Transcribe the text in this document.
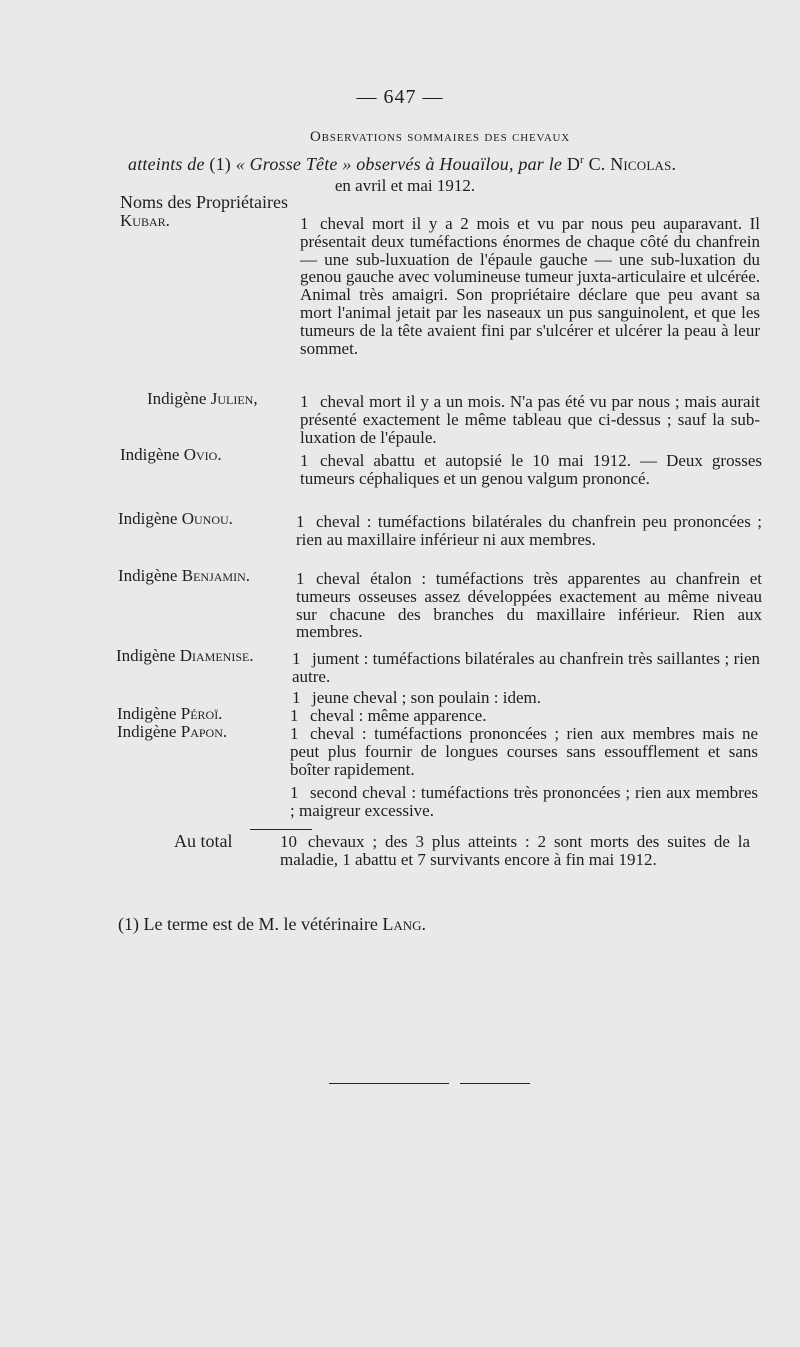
— 647 —
Observations sommaires des chevaux
atteints de (1) « Grosse Tête » observés à Houaïlou, par le $D^r$ C. Nicolas.
en avril et mai 1912.
Noms des Propriétaires
Kubar.
Indigène Julien,
Indigène Ovio.
Indigène Ounou.
Indigène Benjamin.
Indigène Diamenise.
Indigène Péroï.
Indigène Papon.
1 cheval mort il y a 2 mois et vu par nous peu auparavant. Il présentait deux tuméfactions énormes de chaque côté du chanfrein — une sub-luxuation de l'épaule gauche — une sub-luxation du genou gauche avec volumineuse tumeur juxta-articulaire et ulcérée. Animal très amaigri. Son propriétaire déclare que peu avant sa mort l'animal jetait par les naseaux un pus sanguinolent, et que les tumeurs de la tête avaient fini par s'ulcérer et ulcérer la peau à leur sommet.
1 cheval mort il y a un mois. N'a pas été vu par nous ; mais aurait présenté exactement le même tableau que ci-dessus ; sauf la sub-luxation de l'épaule.
1 cheval abattu et autopsié le 10 mai 1912. — Deux grosses tumeurs céphaliques et un genou valgum prononcé.
1 cheval : tuméfactions bilatérales du chanfrein peu prononcées ; rien au maxillaire inférieur ni aux membres.
1 cheval étalon : tuméfactions très apparentes au chanfrein et tumeurs osseuses assez développées exactement au même niveau sur chacune des branches du maxillaire inférieur. Rien aux membres.
1 jument : tuméfactions bilatérales au chanfrein très saillantes ; rien autre.
1 jeune cheval ; son poulain : idem.
1 cheval : même apparence.
1 cheval : tuméfactions prononcées ; rien aux membres mais ne peut plus fournir de longues courses sans essoufflement et sans boîter rapidement.
1 second cheval : tuméfactions très prononcées ; rien aux membres ; maigreur excessive.
Au total	10 chevaux ; des 3 plus atteints : 2 sont morts des suites de la maladie, 1 abattu et 7 survivants encore à fin mai 1912.
(1) Le terme est de M. le vétérinaire Lang.
